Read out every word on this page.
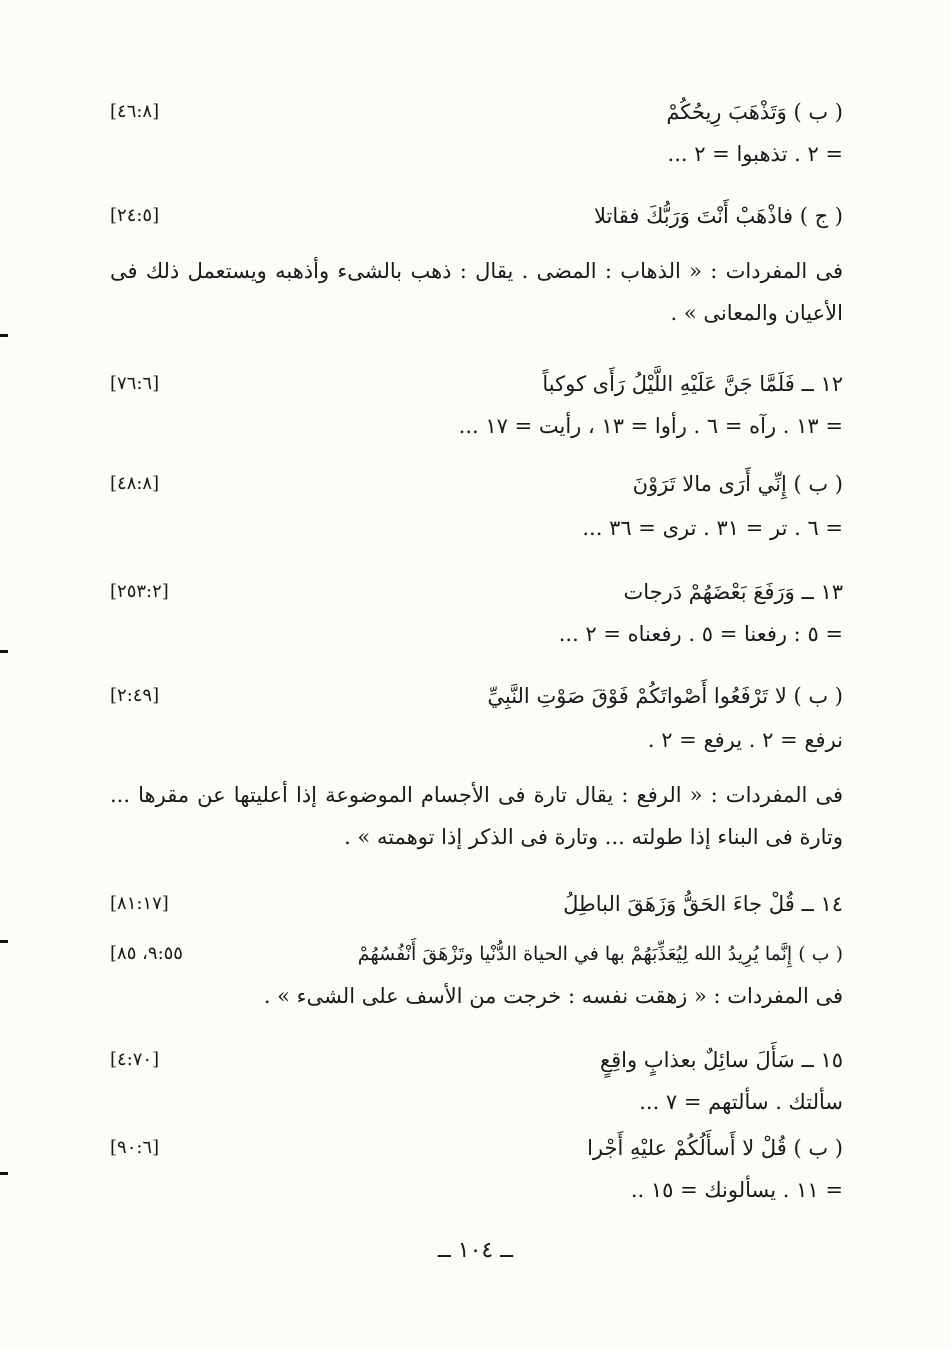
( ب ) وَتَذْهَبَ رِيحُكُمْ
[٤٦:٨]
= ٢ . تذهبوا = ٢ ...
( ج ) فاذْهَبْ أَنْتَ وَرَبُّكَ فقاتلا
[٢٤:٥]
فى المفردات : « الذهاب : المضى . يقال : ذهب بالشىء وأذهبه ويستعمل ذلك فى الأعيان والمعانى » .
١٢ ــ فَلَمَّا جَنَّ عَلَيْهِ اللَّيْلُ رَأَى كوكباً
[٧٦:٦]
= ١٣ . رآه = ٦ . رأوا = ١٣ ، رأيت = ١٧ ...
( ب ) إِنِّي أَرَى مالا تَرَوْنَ
[٤٨:٨]
= ٦ . تر = ٣١ . ترى = ٣٦ ...
١٣ ــ وَرَفَعَ بَعْضَهُمْ دَرجات
[٢٥٣:٢]
= ٥ : رفعنا = ٥ . رفعناه = ٢ ...
( ب ) لا تَرْفَعُوا أَصْواتَكُمْ فَوْقَ صَوْتِ النَّبِيِّ
[٢:٤٩]
نرفع = ٢ . يرفع = ٢ .
فى المفردات : « الرفع : يقال تارة فى الأجسام الموضوعة إذا أعليتها عن مقرها ... وتارة فى البناء إذا طولته ... وتارة فى الذكر إذا توهمته » .
١٤ ــ قُلْ جاءَ الحَقُّ وَزَهَقَ الباطِلُ
[٨١:١٧]
( ب ) إِنَّما يُرِيدُ الله لِيُعَذِّبَهُمْ بها في الحياة الدُّنْيا وتَزْهَقَ أَنْفُسُهُمْ
[٩:٥٥، ٨٥
فى المفردات : « زهقت نفسه : خرجت من الأسف على الشىء » .
١٥ ــ سَأَلَ سائِلٌ بعذابٍ واقِعٍ
[٤:٧٠]
سألتك . سألتهم = ٧ ...
( ب ) قُلْ لا أَسأَلُكُمْ عليْهِ أَجْرا
[٩٠:٦]
= ١١ . يسألونك = ١٥ ..
ــ ١٠٤ ــ
